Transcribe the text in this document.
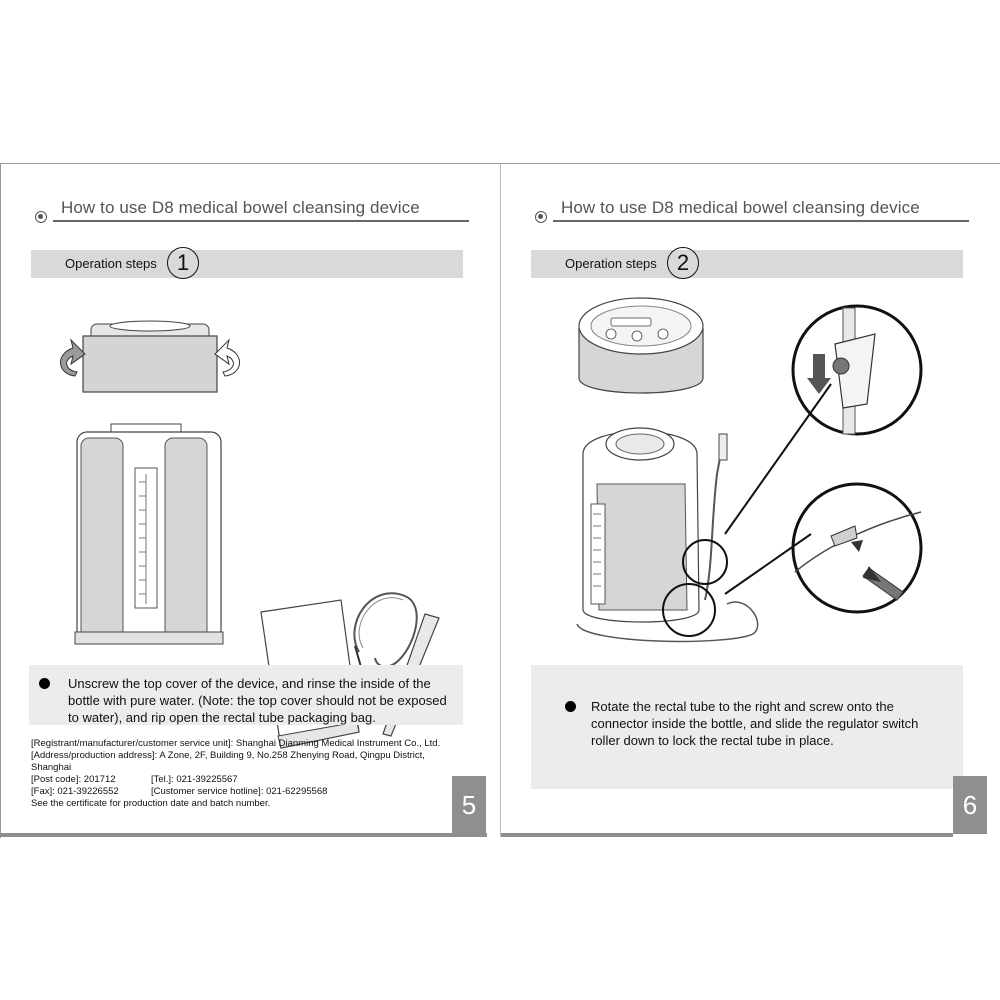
How to use D8 medical bowel cleansing device
Operation steps 1
Unscrew the top cover of the device, and rinse the inside of the bottle with pure water. (Note: the top cover should not be exposed to water), and rip open the rectal tube packaging bag.
[Registrant/manufacturer/customer service unit]: Shanghai Dianming Medical Instrument Co., Ltd.
[Address/production address]: A Zone, 2F, Building 9, No.258 Zhenying Road, Qingpu District, Shanghai
[Post code]: 201712	[Tel.]: 021-39225567
[Fax]: 021-39226552	[Customer service hotline]: 021-62295568
See the certificate for production date and batch number.	5
How to use D8 medical bowel cleansing device
Operation steps 2
Rotate the rectal tube to the right and screw onto the connector inside the bottle, and slide the regulator switch roller down to lock the rectal tube in place.
6
